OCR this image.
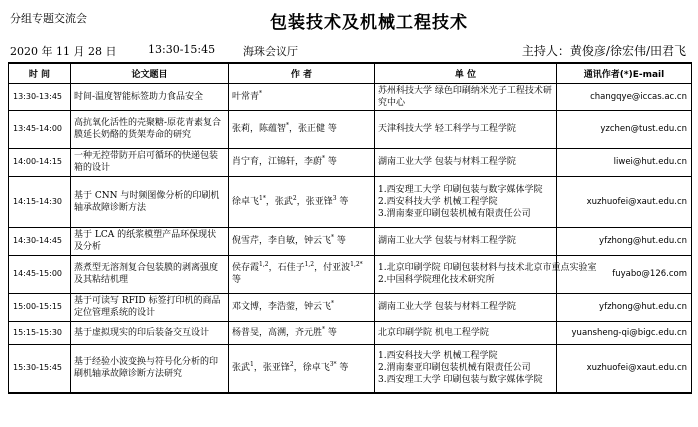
分组专题交流会	包装技术及机械工程技术
2020 年 11 月 28 日	13:30-15:45	海珠会议厅	主持人：黄俊彦/徐宏伟/田君飞
时 间	论文题目	作 者	单 位	通讯作者(*)E-mail
13:30-13:45	时间-温度智能标签助力食品安全	叶常青*	苏州科技大学 绿色印刷纳米光子工程技术研究中心	changqye@iccas.ac.cn
13:45-14:00	高抗氧化活性的壳聚糖-原花青素复合膜延长奶酪的货架寿命的研究	张莉，陈蕴智*，张正健 等	天津科技大学 轻工科学与工程学院	yzchen@tust.edu.cn
14:00-14:15	一种无控带防开启可循环的快递包装箱的设计	肖宁育，江锦轩，李蔚* 等	湖南工业大学 包装与材料工程学院	liwei@hut.edu.cn
14:15-14:30	基于 CNN 与时频图像分析的印刷机轴承故障诊断方法	徐卓飞$^{1*}$，张武$^2$，张亚锋$^3$ 等	1.西安理工大学 印刷包装与数字媒体学院
2.西安科技大学 机械工程学院
3.渭南秦亚印刷包装机械有限责任公司	xuzhuofei@xaut.edu.cn
14:30-14:45	基于 LCA 的纸浆模塑产品环保现状及分析	倪雪芹，李自敏，钟云飞* 等	湖南工业大学 包装与材料工程学院	yfzhong@hut.edu.cn
14:45-15:00	蒸煮型无溶剂复合包装膜的剥离强度及其粘结机理	侯存霞$^{1,2}$，石佳子$^{1,2}$，付亚波$^{1,2*}$等	1.北京印刷学院 印刷包装材料与技术北京市重点实验室
2.中国科学院理化技术研究所	fuyabo@126.com
15:00-15:15	基于可读写 RFID 标签打印机的商品定位管理系统的设计	邓文博，李浩蓥，钟云飞*	湖南工业大学 包装与材料工程学院	yfzhong@hut.edu.cn
15:15-15:30	基于虚拟现实的印后装备交互设计	杨普旻，高溯，齐元胜* 等	北京印刷学院 机电工程学院	yuansheng-qi@bigc.edu.cn
15:30-15:45	基于经验小波变换与符号化分析的印刷机轴承故障诊断方法研究	张武$^1$，张亚锋$^2$，徐卓飞$^{3*}$ 等	1.西安科技大学 机械工程学院
2.渭南秦亚印刷包装机械有限责任公司
3.西安理工大学 印刷包装与数字媒体学院	xuzhuofei@xaut.edu.cn
